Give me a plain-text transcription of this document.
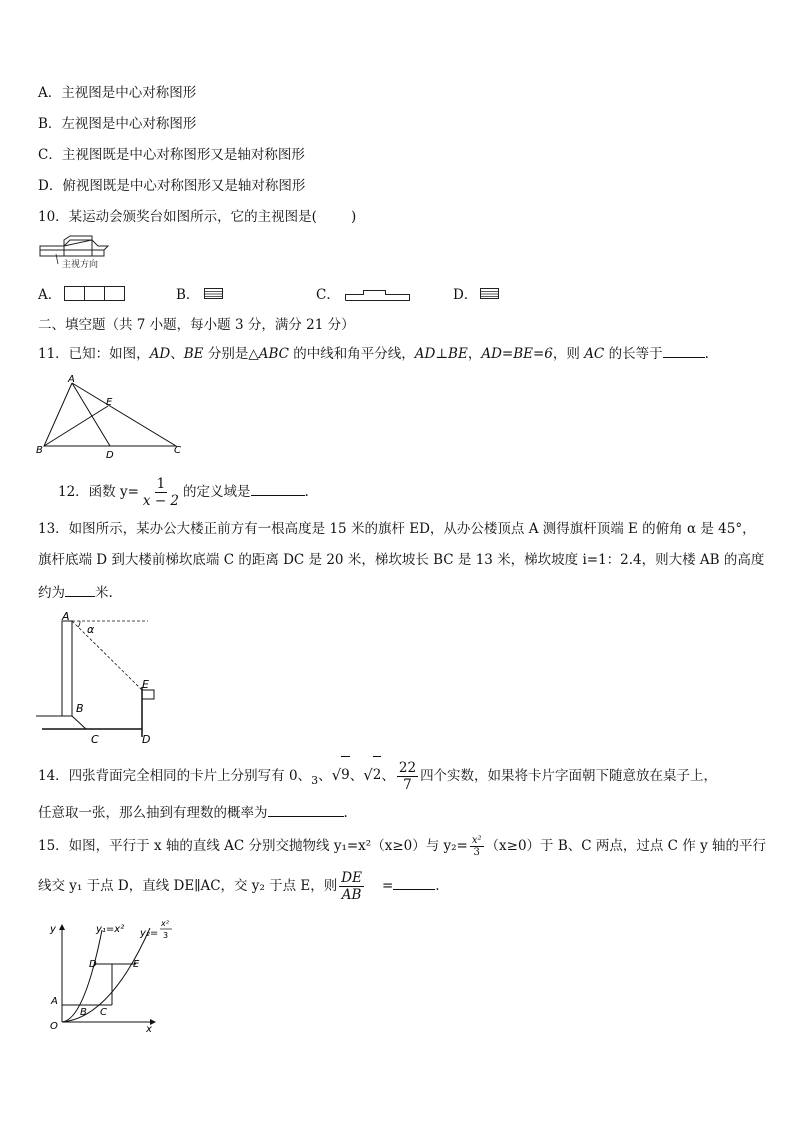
A．主视图是中心对称图形
B．左视图是中心对称图形
C．主视图既是中心对称图形又是轴对称图形
D．俯视图既是中心对称图形又是轴对称图形
10．某运动会颁奖台如图所示，它的主视图是(	)
主视方向
A．	B．	C．	D．
二、填空题（共 7 小题，每小题 3 分，满分 21 分）
11．已知：如图，AD、BE 分别是△ABC 的中线和角平分线，AD⊥BE，AD=BE=6，则 AC 的长等于	.
A
E
B	D	C
12．函数 $y= \frac{1}{x - 2}$ 的定义域是	.
13．如图所示，某办公大楼正前方有一根高度是 15 米的旗杆 ED，从办公楼顶点 A 测得旗杆顶端 E 的俯角 α 是 45°，
旗杆底端 D 到大楼前梯坎底端 C 的距离 DC 是 20 米，梯坎坡长 BC 是 13 米，梯坎坡度 i=1：2.4，则大楼 AB 的高度
约为 米.
A
α
E
B
C	D
14．四张背面完全相同的卡片上分别写有 0、
3、 √ 9 、 √ 2 、 $\frac{22}{7}$ 四个实数，如果将卡片字面朝下随意放在桌子上，
任意取一张，那么抽到有理数的概率为	.
15．如图，平行于 x 轴的直线 AC 分别交抛物线 y₁=x²（x≥0）与 $y_2= \frac{\text{x²}}{3} (x\ge 0)$于 B、C 两点，过点 C 作 y 轴的平行
线交 y₁ 于点 D，直线 DE∥AC，交 y₂ 于点 E，则 $\frac{DE}{AB}$ =	.
y	y₁=x² y₂=
x²
3
D	E
A
B C
O	x
